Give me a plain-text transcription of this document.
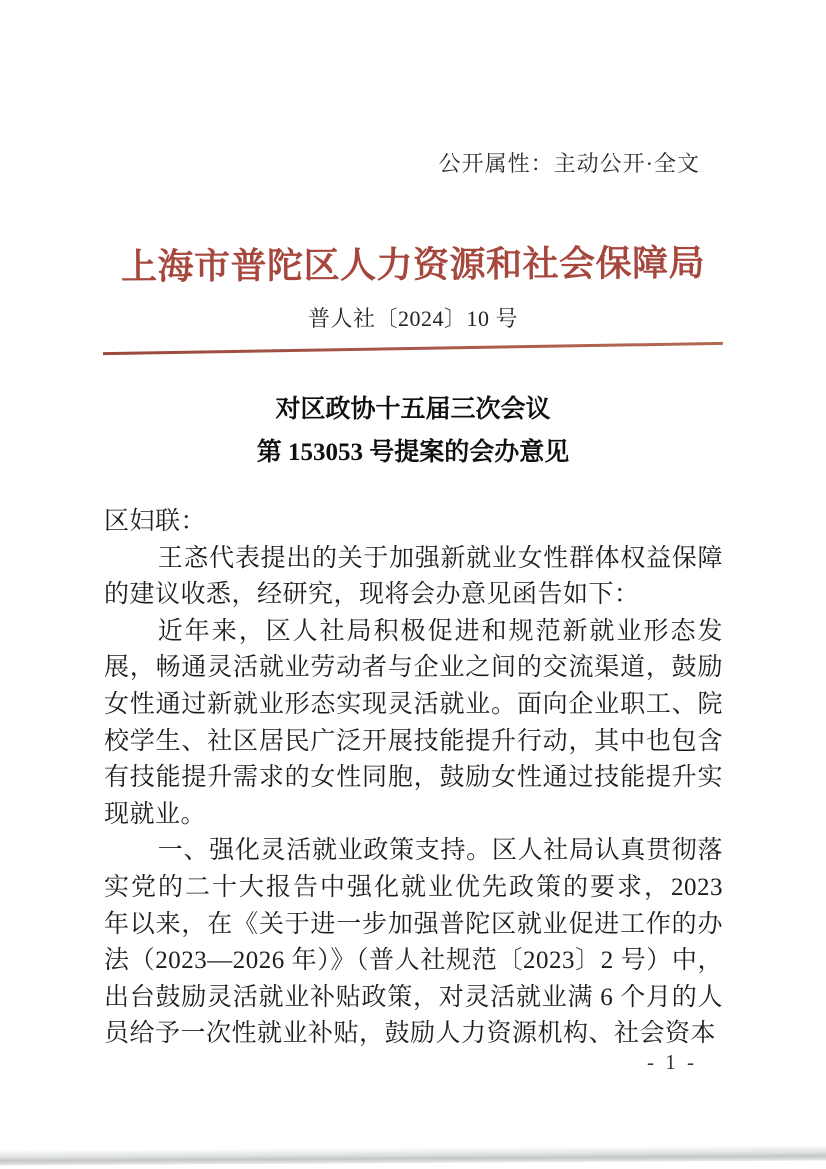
公开属性：主动公开·全文
上海市普陀区人力资源和社会保障局
普人社〔2024〕10 号
对区政协十五届三次会议
第 153053 号提案的会办意见

区妇联：

王忞代表提出的关于加强新就业女性群体权益保障的建议收悉，经研究，现将会办意见函告如下：

近年来，区人社局积极促进和规范新就业形态发展，畅通灵活就业劳动者与企业之间的交流渠道，鼓励女性通过新就业形态实现灵活就业。面向企业职工、院校学生、社区居民广泛开展技能提升行动，其中也包含有技能提升需求的女性同胞，鼓励女性通过技能提升实现就业。

一、强化灵活就业政策支持。区人社局认真贯彻落实党的二十大报告中强化就业优先政策的要求，2023 年以来，在《关于进一步加强普陀区就业促进工作的办法（2023—2026 年）》（普人社规范〔2023〕2 号）中，出台鼓励灵活就业补贴政策，对灵活就业满 6 个月的人员给予一次性就业补贴，鼓励人力资源机构、社会资本

- 1 -
